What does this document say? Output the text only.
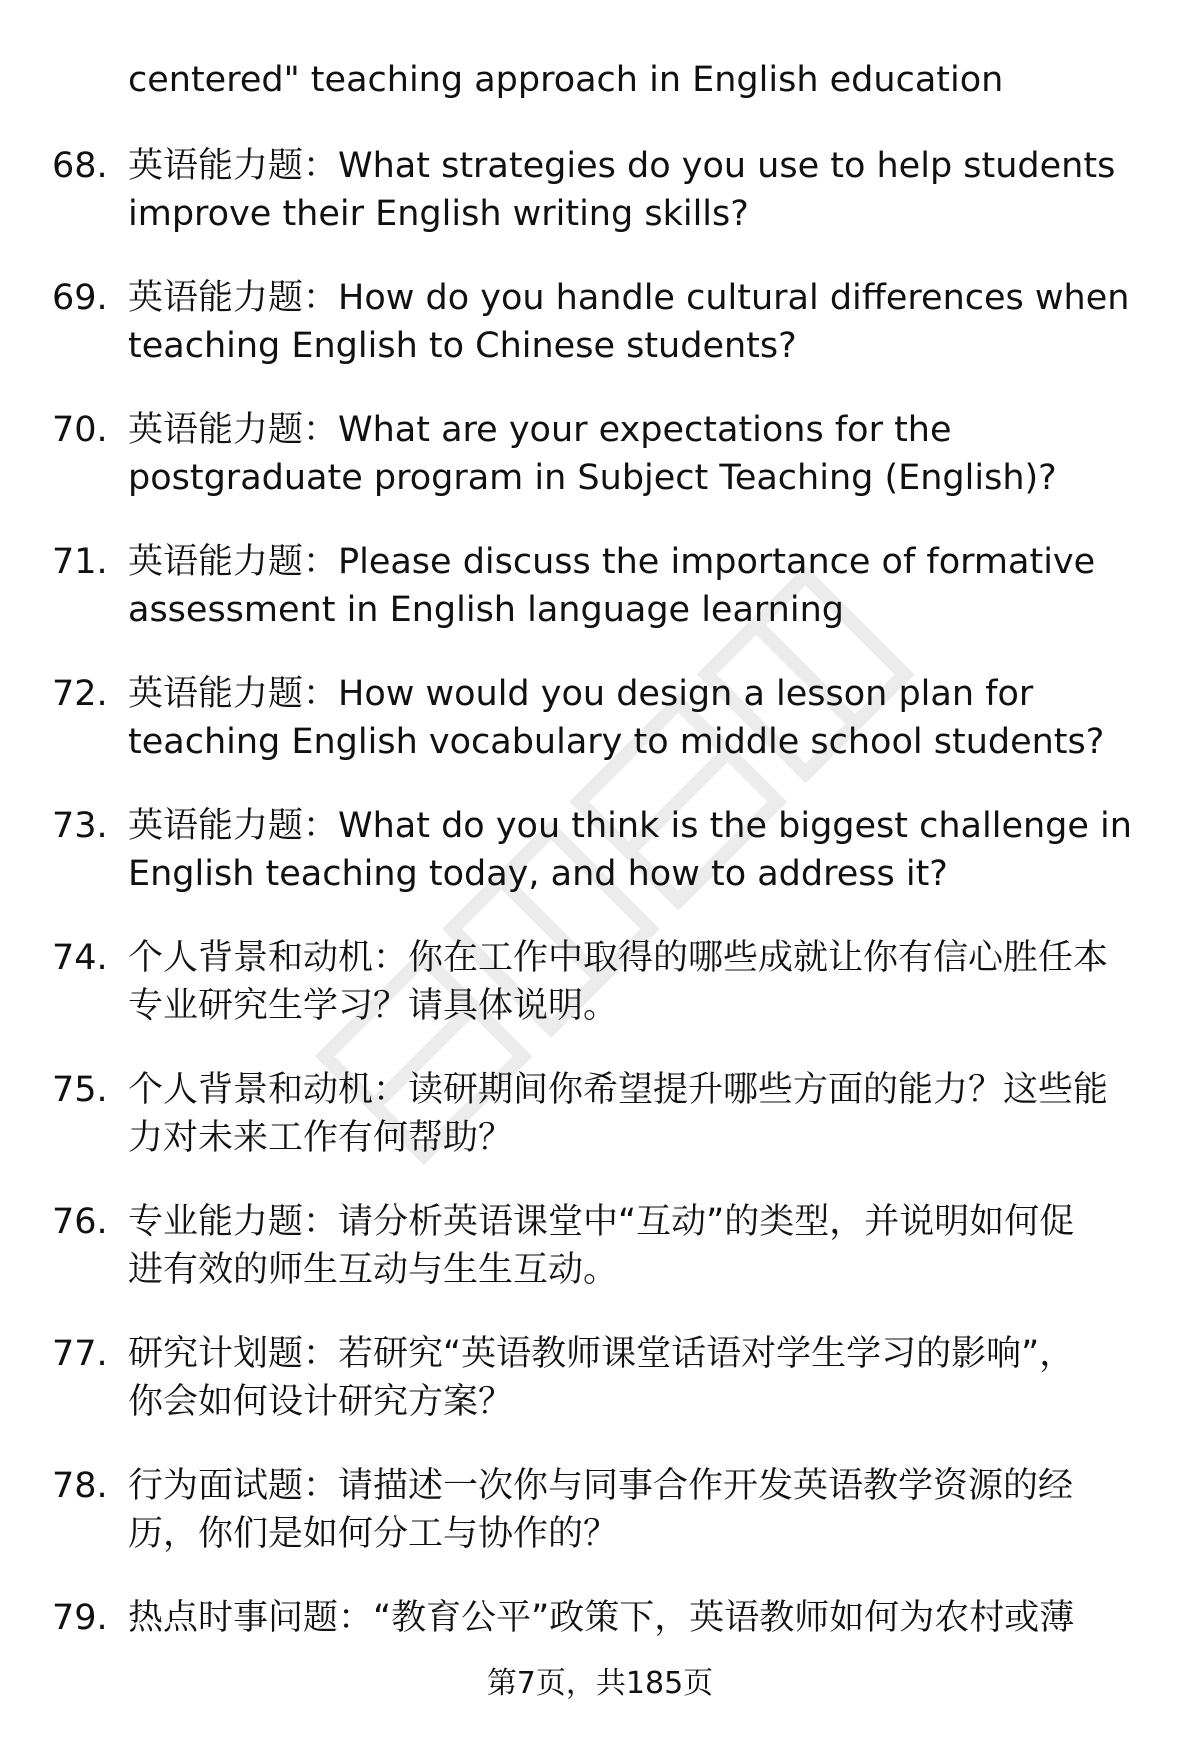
centered" teaching approach in English education
68. 英语能力题：What strategies do you use to help students
improve their English writing skills?
69. 英语能力题：How do you handle cultural differences when
teaching English to Chinese students?
70. 英语能力题：What are your expectations for the
postgraduate program in Subject Teaching (English)?
71. 英语能力题：Please discuss the importance of formative
assessment in English language learning
72. 英语能力题：How would you design a lesson plan for
teaching English vocabulary to middle school students?
73. 英语能力题：What do you think is the biggest challenge in
English teaching today, and how to address it?
74. 个人背景和动机：你在工作中取得的哪些成就让你有信心胜任本
专业研究生学习？请具体说明。
75. 个人背景和动机：读研期间你希望提升哪些方面的能力？这些能
力对未来工作有何帮助？
76. 专业能力题：请分析英语课堂中“互动”的类型，并说明如何促
进有效的师生互动与生生互动。
77. 研究计划题：若研究“英语教师课堂话语对学生学习的影响”，
你会如何设计研究方案？
78. 行为面试题：请描述一次你与同事合作开发英语教学资源的经
历，你们是如何分工与协作的？
79. 热点时事问题：“教育公平”政策下，英语教师如何为农村或薄
第7页，共185页
